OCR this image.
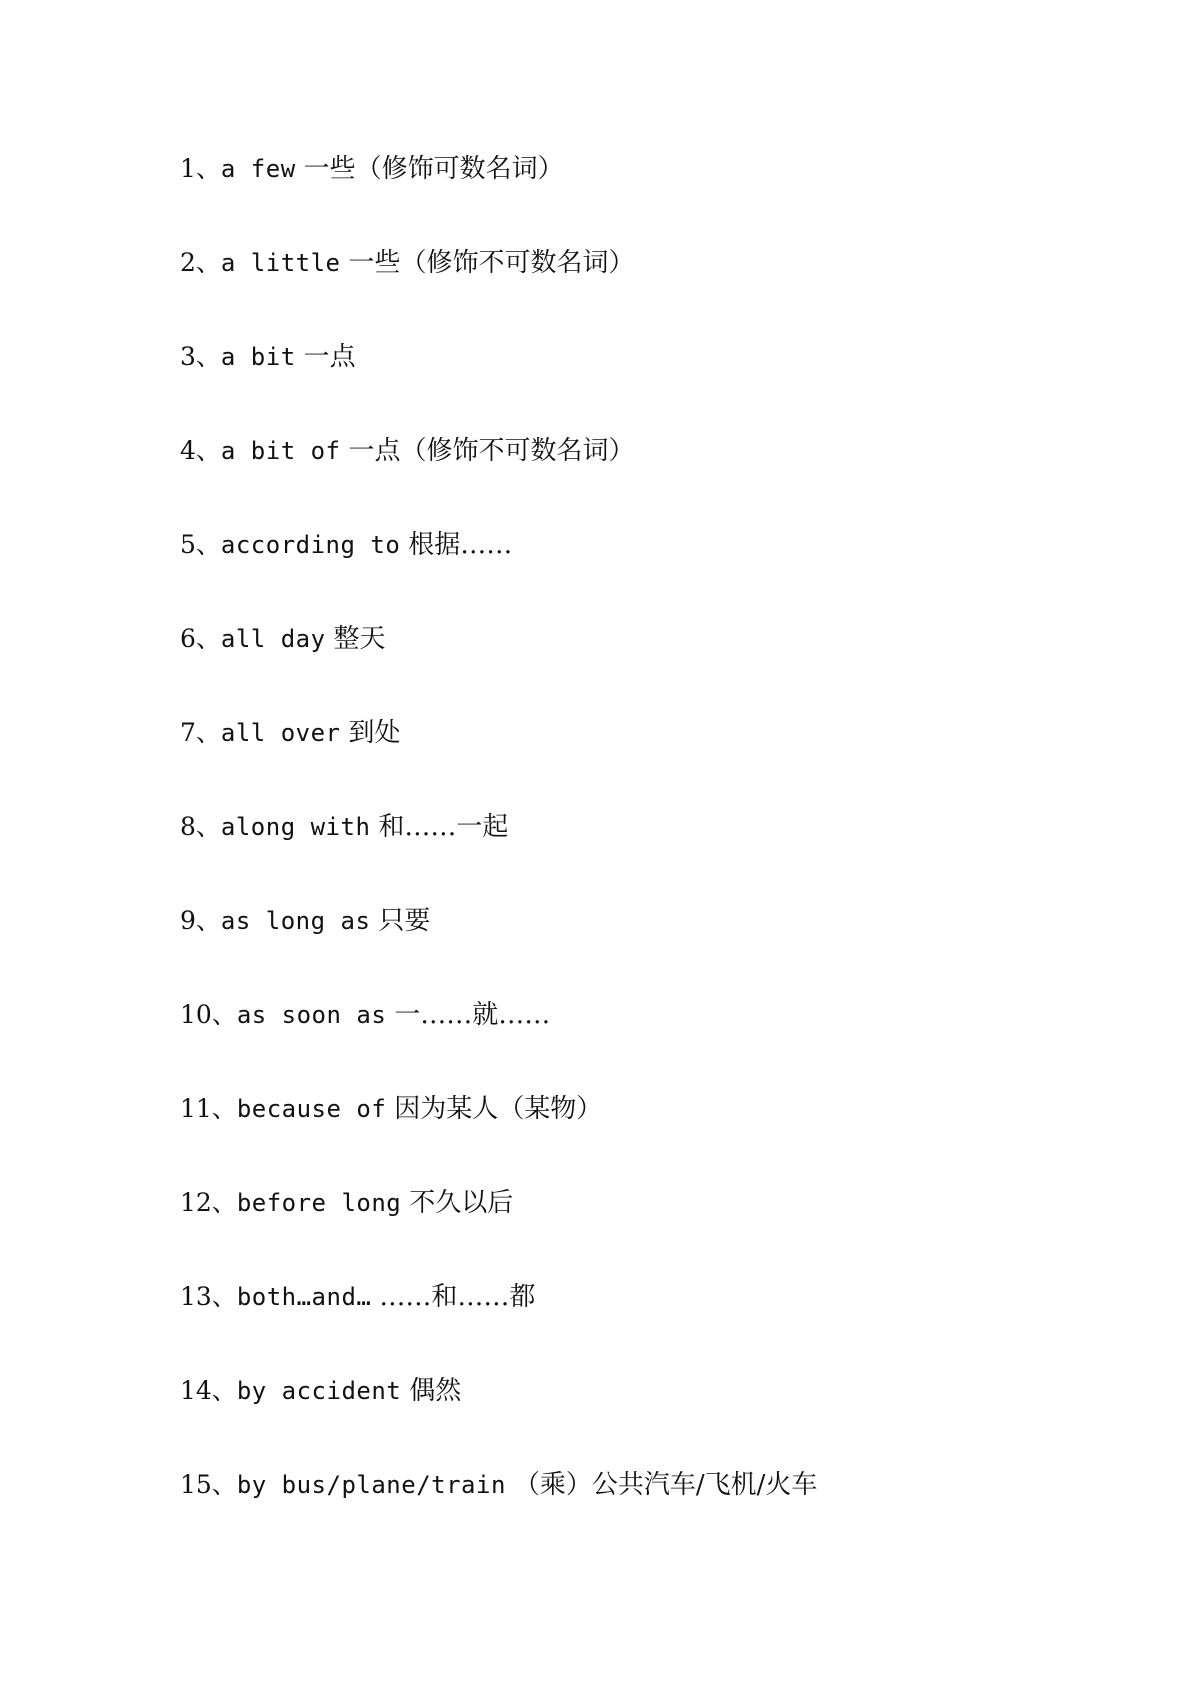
1、a few 一些（修饰可数名词）
2、a little 一些（修饰不可数名词）
3、a bit 一点
4、a bit of 一点（修饰不可数名词）
5、according to 根据……
6、all day 整天
7、all over 到处
8、along with 和……一起
9、as long as 只要
10、as soon as 一……就……
11、because of 因为某人（某物）
12、before long 不久以后
13、both…and… ……和……都
14、by accident 偶然
15、by bus/plane/train （乘）公共汽车/飞机/火车
